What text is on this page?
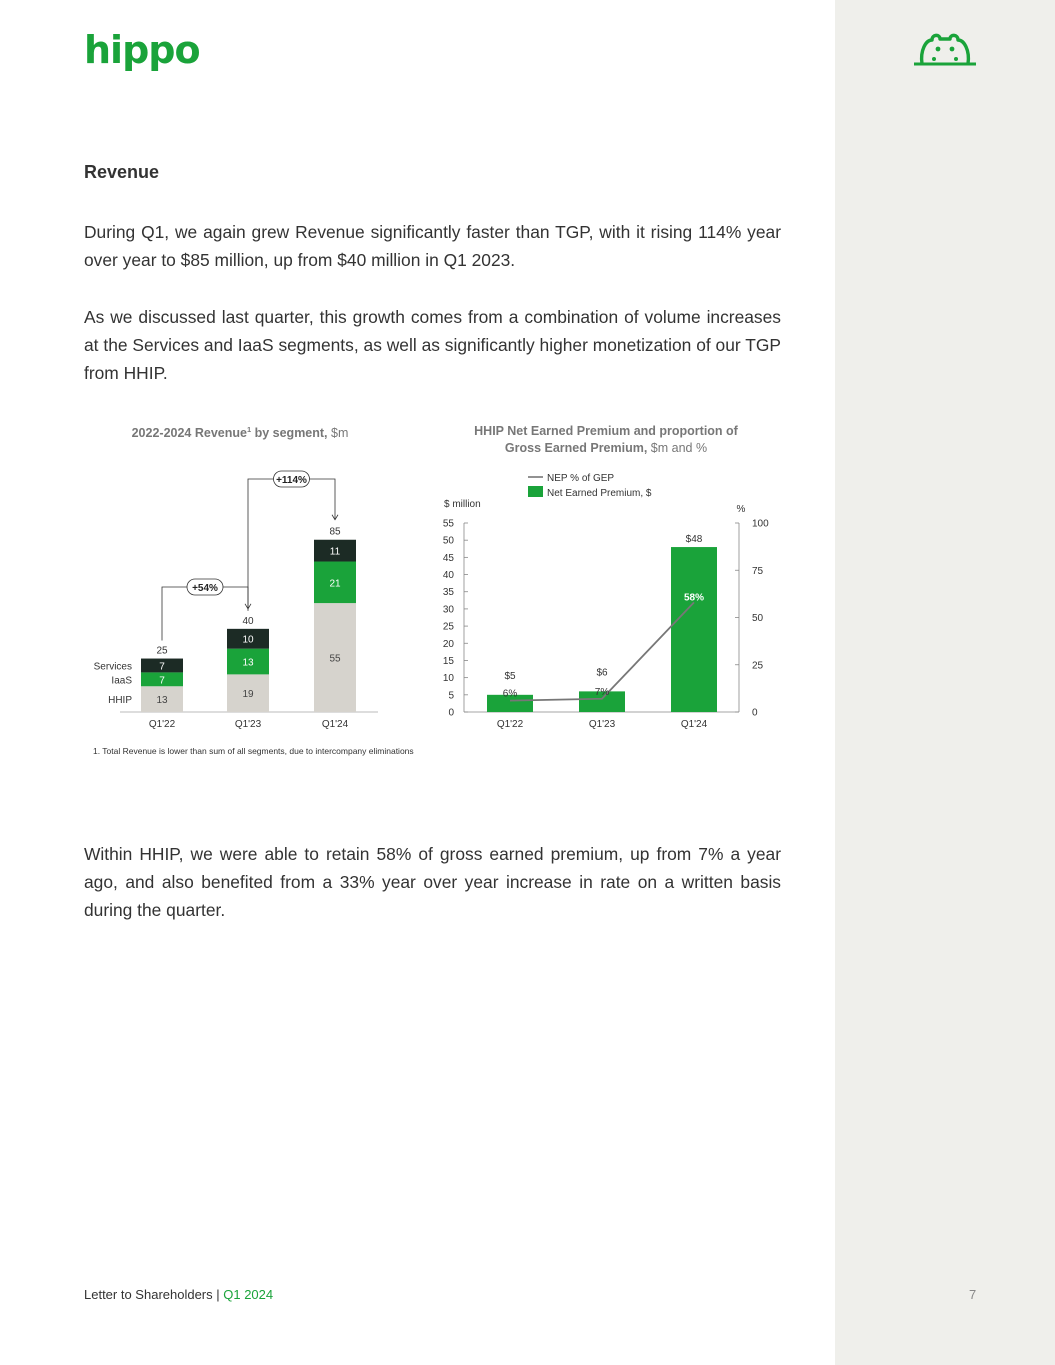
hippo
Revenue

During Q1, we again grew Revenue significantly faster than TGP, with it rising 114% year over year to $85 million, up from $40 million in Q1 2023.

As we discussed last quarter, this growth comes from a combination of volume increases at the Services and IaaS segments, as well as significantly higher monetization of our TGP from HHIP.

Within HHIP, we were able to retain 58% of gross earned premium, up from 7% a year ago, and also benefited from a 33% year over year increase in rate on a written basis during the quarter.

2022-2024 Revenue$^1$ by segment, $m
13
7
7
25
Q1'22
19
13
10
40
Q1'23
55
21
11
85
Q1'24
HHIP
IaaS
Services
+54%
+114%
1. Total Revenue is lower than sum of all segments, due to intercompany eliminations
HHIP Net Earned Premium and proportion of
Gross Earned Premium, $m and %
NEP % of GEP
Net Earned Premium, $
$ million	%
0
5
10
15
20
25
30
35
40
45
50
55
0
25
50
75
100
$5
Q1'22
$6
Q1'23
$48
Q1'24
6%	7%
58%
Letter to Shareholders | Q1 2024	7
